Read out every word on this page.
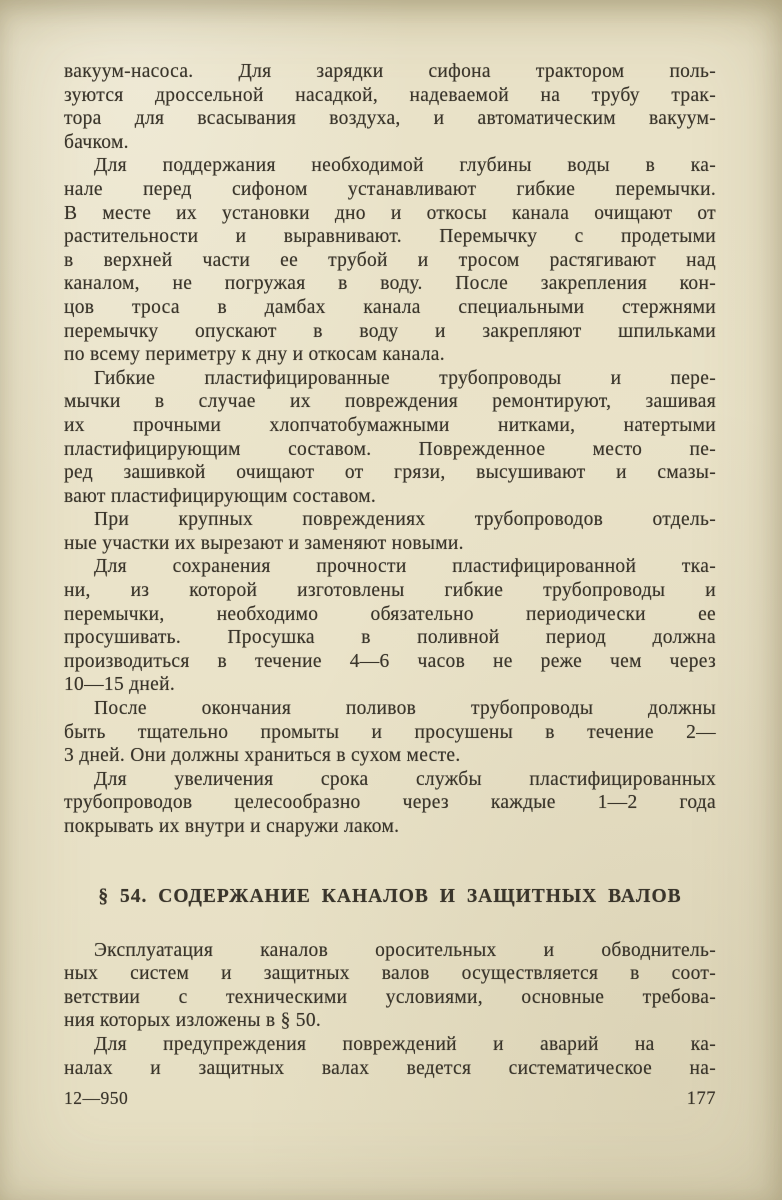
вакуум-насоса. Для зарядки сифона трактором поль-
зуются дроссельной насадкой, надеваемой на трубу трак-
тора для всасывания воздуха, и автоматическим вакуум-
бачком.
Для поддержания необходимой глубины воды в ка-
нале перед сифоном устанавливают гибкие перемычки.
В месте их установки дно и откосы канала очищают от
растительности и выравнивают. Перемычку с продетыми
в верхней части ее трубой и тросом растягивают над
каналом, не погружая в воду. После закрепления кон-
цов троса в дамбах канала специальными стержнями
перемычку опускают в воду и закрепляют шпильками
по всему периметру к дну и откосам канала.
Гибкие пластифицированные трубопроводы и пере-
мычки в случае их повреждения ремонтируют, зашивая
их прочными хлопчатобумажными нитками, натертыми
пластифицирующим составом. Поврежденное место пе-
ред зашивкой очищают от грязи, высушивают и смазы-
вают пластифицирующим составом.
При крупных повреждениях трубопроводов отдель-
ные участки их вырезают и заменяют новыми.
Для сохранения прочности пластифицированной тка-
ни, из которой изготовлены гибкие трубопроводы и
перемычки, необходимо обязательно периодически ее
просушивать. Просушка в поливной период должна
производиться в течение 4—6 часов не реже чем через
10—15 дней.
После окончания поливов трубопроводы должны
быть тщательно промыты и просушены в течение 2—
3 дней. Они должны храниться в сухом месте.
Для увеличения срока службы пластифицированных
трубопроводов целесообразно через каждые 1—2 года
покрывать их внутри и снаружи лаком.
§ 54. СОДЕРЖАНИЕ КАНАЛОВ И ЗАЩИТНЫХ ВАЛОВ
Эксплуатация каналов оросительных и обводнитель-
ных систем и защитных валов осуществляется в соот-
ветствии с техническими условиями, основные требова-
ния которых изложены в § 50.
Для предупреждения повреждений и аварий на ка-
налах и защитных валах ведется систематическое на-
12—950	177
